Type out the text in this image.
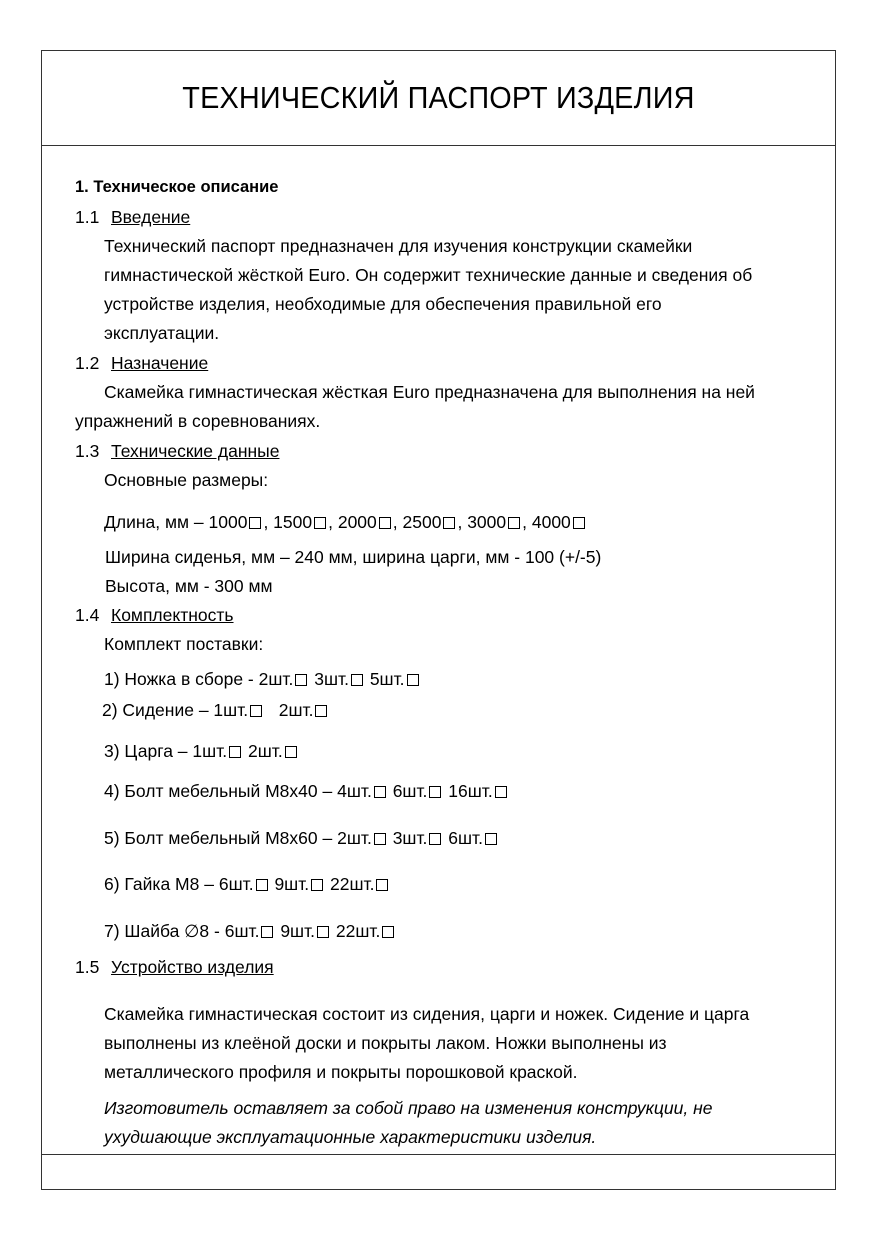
ТЕХНИЧЕСКИЙ ПАСПОРТ ИЗДЕЛИЯ
1. Техническое описание
1.1 Введение
Технический паспорт предназначен для изучения конструкции скамейки
гимнастической жёсткой Euro. Он содержит технические данные и сведения об
устройстве изделия, необходимые для обеспечения правильной его
эксплуатации.
1.2 Назначение
Скамейка гимнастическая жёсткая Euro предназначена для выполнения на ней
упражнений в соревнованиях.
1.3 Технические данные
Основные размеры:
Длина, мм – 1000 , 1500 , 2000 , 2500 , 3000 , 4000
Ширина сиденья, мм – 240 мм, ширина царги, мм - 100 (+/-5)
Высота, мм - 300 мм
1.4 Комплектность
Комплект поставки:
1) Ножка в сборе - 2шт. 3шт. 5шт.
2) Сидение – 1шт. 2шт.
3) Царга – 1шт. 2шт.
4) Болт мебельный М8х40 – 4шт. 6шт. 16шт.
5) Болт мебельный М8х60 – 2шт. 3шт. 6шт.
6) Гайка М8 – 6шт. 9шт. 22шт.
7) Шайба ∅8 - 6шт. 9шт. 22шт.
1.5 Устройство изделия
Скамейка гимнастическая состоит из сидения, царги и ножек. Сидение и царга
выполнены из клеёной доски и покрыты лаком. Ножки выполнены из
металлического профиля и покрыты порошковой краской.
Изготовитель оставляет за собой право на изменения конструкции, не
ухудшающие эксплуатационные характеристики изделия.
